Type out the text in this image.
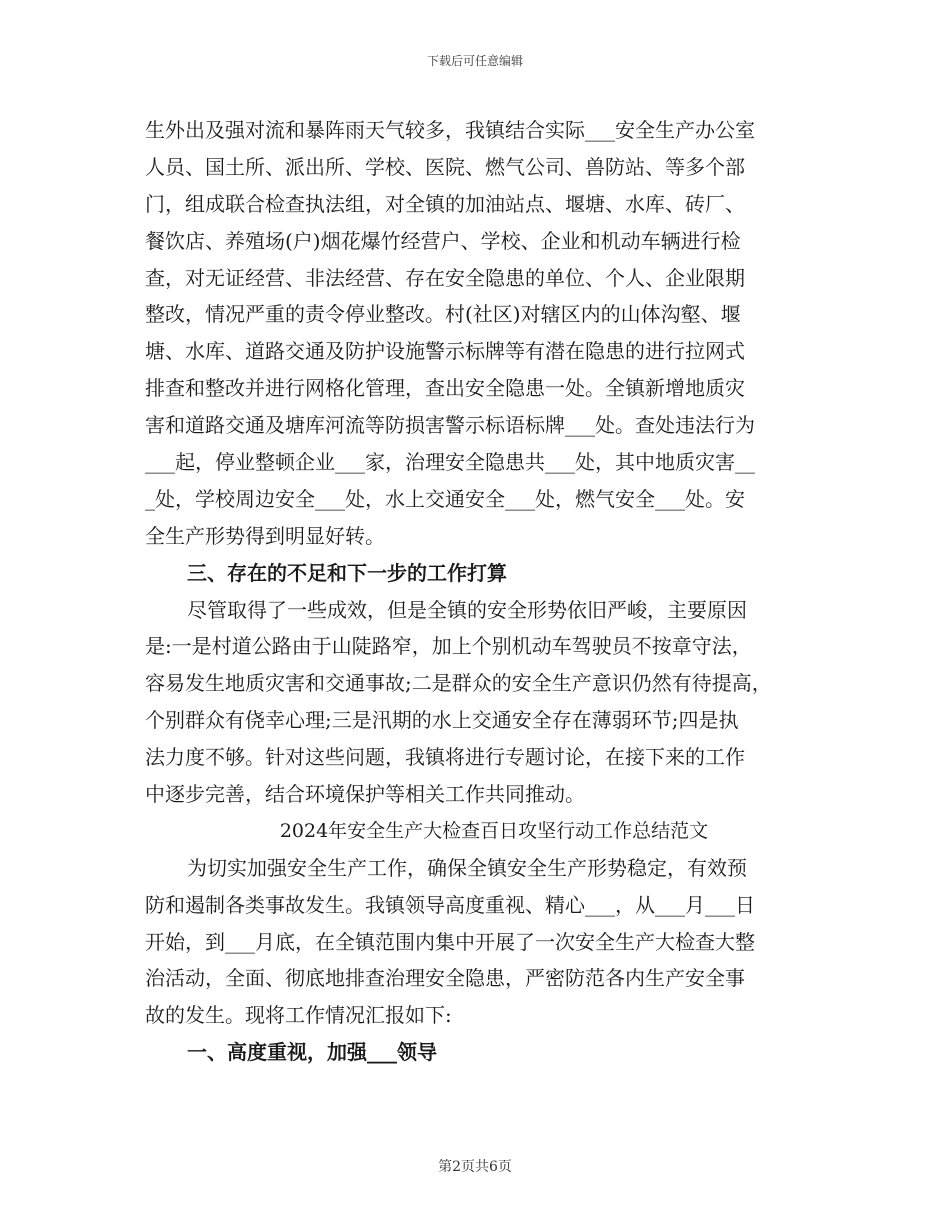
下载后可任意编辑
生外出及强对流和暴阵雨天气较多，我镇结合实际___安全生产办公室
人员、国土所、派出所、学校、医院、燃气公司、兽防站、等多个部
门，组成联合检查执法组，对全镇的加油站点、堰塘、水库、砖厂、
餐饮店、养殖场(户)烟花爆竹经营户、学校、企业和机动车辆进行检
查，对无证经营、非法经营、存在安全隐患的单位、个人、企业限期
整改，情况严重的责令停业整改。村(社区)对辖区内的山体沟壑、堰
塘、水库、道路交通及防护设施警示标牌等有潜在隐患的进行拉网式
排查和整改并进行网格化管理，查出安全隐患一处。全镇新增地质灾
害和道路交通及塘库河流等防损害警示标语标牌___处。查处违法行为
___起，停业整顿企业___家，治理安全隐患共___处，其中地质灾害__
_处，学校周边安全___处，水上交通安全___处，燃气安全___处。安
全生产形势得到明显好转。
三、存在的不足和下一步的工作打算
尽管取得了一些成效，但是全镇的安全形势依旧严峻，主要原因
是:一是村道公路由于山陡路窄，加上个别机动车驾驶员不按章守法，
容易发生地质灾害和交通事故;二是群众的安全生产意识仍然有待提高，
个别群众有侥幸心理;三是汛期的水上交通安全存在薄弱环节;四是执
法力度不够。针对这些问题，我镇将进行专题讨论，在接下来的工作
中逐步完善，结合环境保护等相关工作共同推动。
2024年安全生产大检查百日攻坚行动工作总结范文
为切实加强安全生产工作，确保全镇安全生产形势稳定，有效预
防和遏制各类事故发生。我镇领导高度重视、精心___，从___月___日
开始，到___月底，在全镇范围内集中开展了一次安全生产大检查大整
治活动，全面、彻底地排查治理安全隐患，严密防范各内生产安全事
故的发生。现将工作情况汇报如下:
一、高度重视，加强___领导
第2页共6页
